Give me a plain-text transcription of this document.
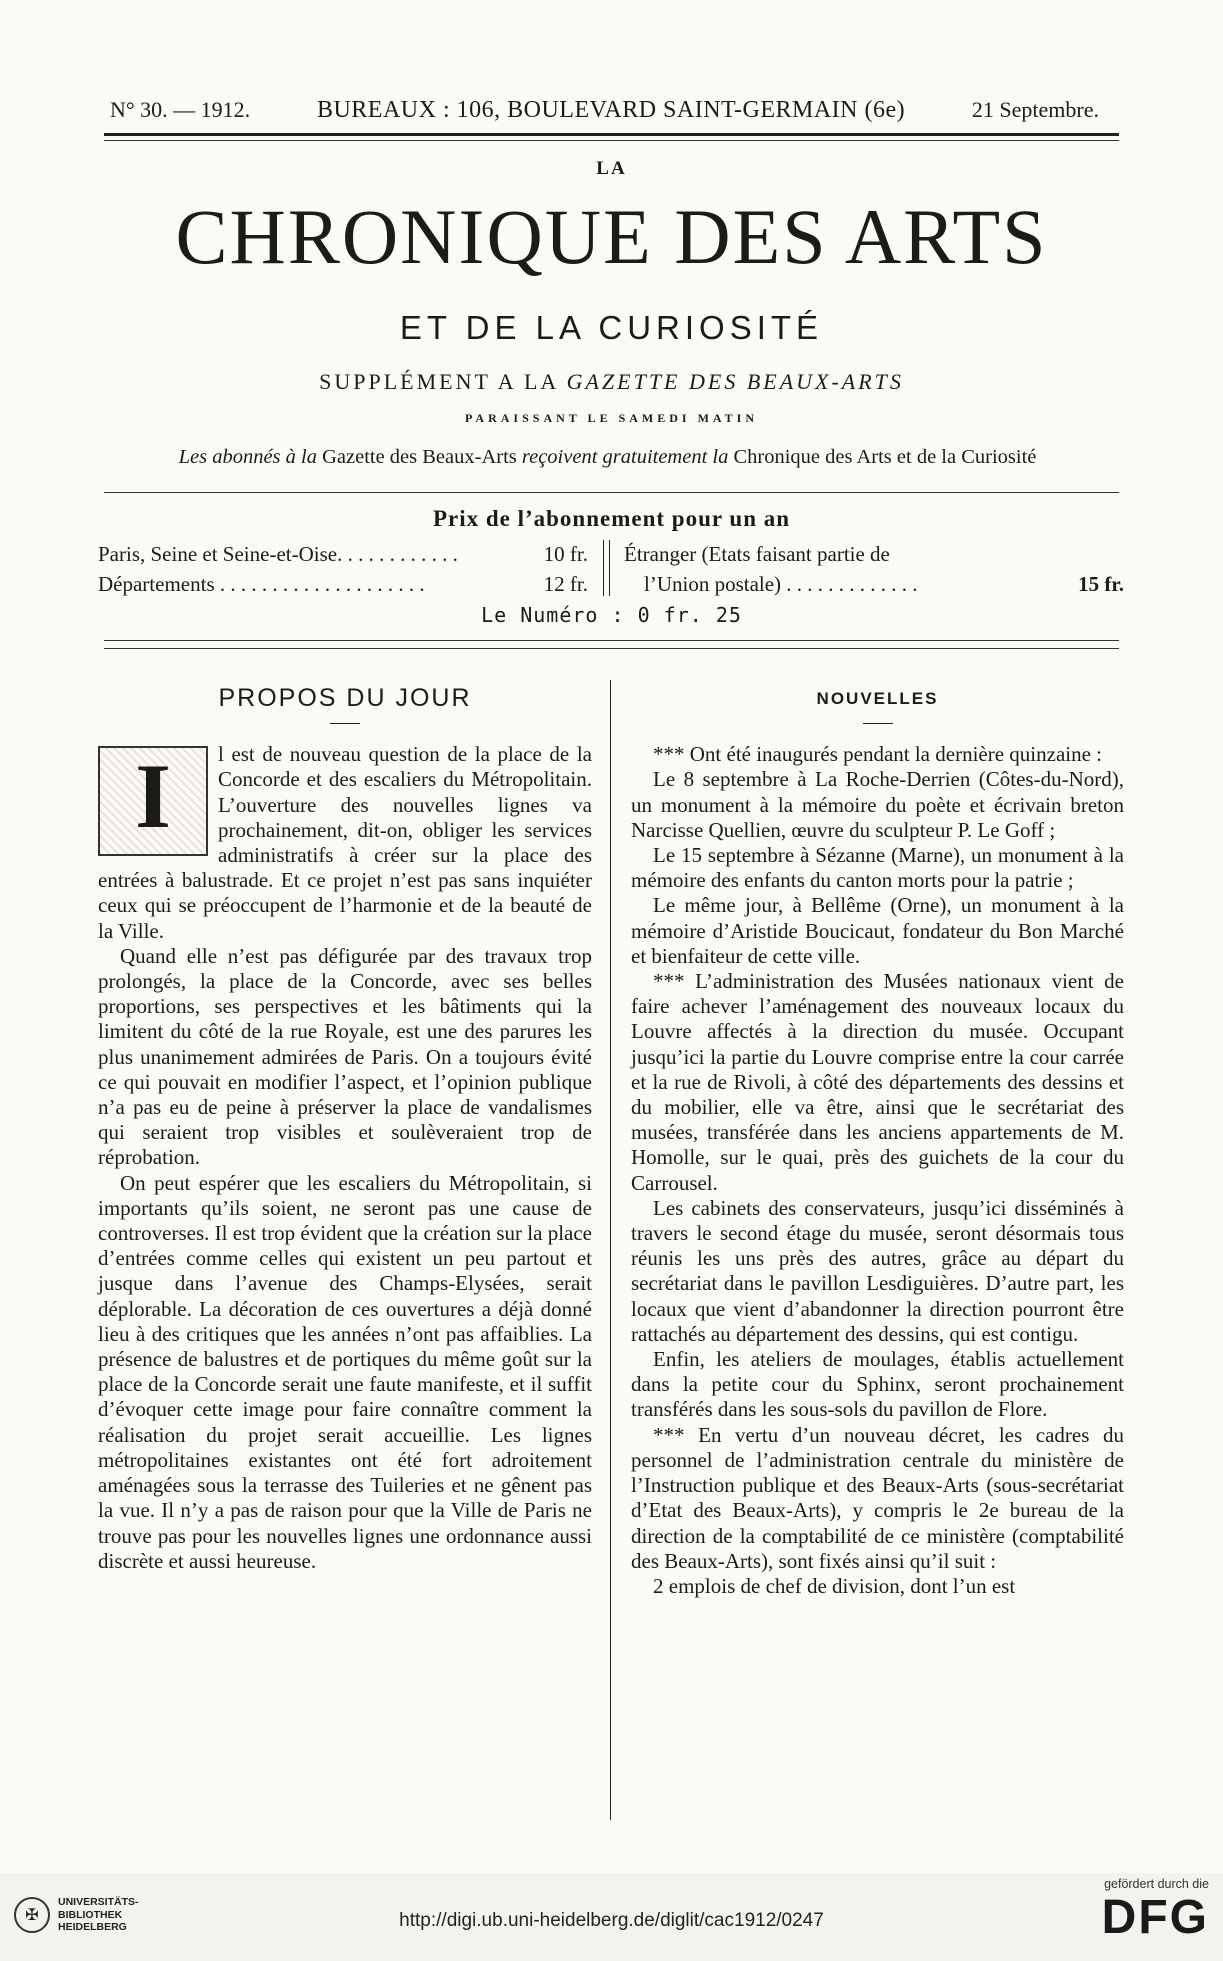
N° 30. — 1912.	BUREAUX : 106, BOULEVARD SAINT-GERMAIN (6e)	21 Septembre.
LA
CHRONIQUE DES ARTS
ET DE LA CURIOSITÉ
SUPPLÉMENT A LA GAZETTE DES BEAUX-ARTS
PARAISSANT LE SAMEDI MATIN
Les abonnés à la Gazette des Beaux-Arts reçoivent gratuitement la Chronique des Arts et de la Curiosité
Prix de l’abonnement pour un an
Paris, Seine et Seine-et-Oise. . . . . . . . . . . .	10 fr.
Départements . . . . . . . . . . . . . . . . . . . .	12 fr.
Étranger (Etats faisant partie de
l’Union postale) . . . . . . . . . . . . .	15 fr.
Le Numéro : 0 fr. 25
PROPOS DU JOUR
I	l est de nouveau question de la place de la Concorde et des escaliers du Métropolitain. L’ouverture des nouvelles lignes va prochainement, dit-on, obliger les services administratifs à créer sur la place des entrées à balustrade. Et ce projet n’est pas sans inquiéter ceux qui se préoccupent de l’harmonie et de la beauté de la Ville.

Quand elle n’est pas défigurée par des travaux trop prolongés, la place de la Concorde, avec ses belles proportions, ses perspectives et les bâtiments qui la limitent du côté de la rue Royale, est une des parures les plus unanimement admirées de Paris. On a toujours évité ce qui pouvait en modifier l’aspect, et l’opinion publique n’a pas eu de peine à préserver la place de vandalismes qui seraient trop visibles et soulèveraient trop de réprobation.

On peut espérer que les escaliers du Métropolitain, si importants qu’ils soient, ne seront pas une cause de controverses. Il est trop évident que la création sur la place d’entrées comme celles qui existent un peu partout et jusque dans l’avenue des Champs-Elysées, serait déplorable. La décoration de ces ouvertures a déjà donné lieu à des critiques que les années n’ont pas affaiblies. La présence de balustres et de portiques du même goût sur la place de la Concorde serait une faute manifeste, et il suffit d’évoquer cette image pour faire connaître comment la réalisation du projet serait accueillie. Les lignes métropolitaines existantes ont été fort adroitement aménagées sous la terrasse des Tuileries et ne gênent pas la vue. Il n’y a pas de raison pour que la Ville de Paris ne trouve pas pour les nouvelles lignes une ordonnance aussi discrète et aussi heureuse.

NOUVELLES

*** Ont été inaugurés pendant la dernière quinzaine :

Le 8 septembre à La Roche-Derrien (Côtes-du-Nord), un monument à la mémoire du poète et écrivain breton Narcisse Quellien, œuvre du sculpteur P. Le Goff ;

Le 15 septembre à Sézanne (Marne), un monument à la mémoire des enfants du canton morts pour la patrie ;

Le même jour, à Bellême (Orne), un monument à la mémoire d’Aristide Boucicaut, fondateur du Bon Marché et bienfaiteur de cette ville.

*** L’administration des Musées nationaux vient de faire achever l’aménagement des nouveaux locaux du Louvre affectés à la direction du musée. Occupant jusqu’ici la partie du Louvre comprise entre la cour carrée et la rue de Rivoli, à côté des départements des dessins et du mobilier, elle va être, ainsi que le secrétariat des musées, transférée dans les anciens appartements de M. Homolle, sur le quai, près des guichets de la cour du Carrousel.

Les cabinets des conservateurs, jusqu’ici disséminés à travers le second étage du musée, seront désormais tous réunis les uns près des autres, grâce au départ du secrétariat dans le pavillon Lesdiguières. D’autre part, les locaux que vient d’abandonner la direction pourront être rattachés au département des dessins, qui est contigu.

Enfin, les ateliers de moulages, établis actuellement dans la petite cour du Sphinx, seront prochainement transférés dans les sous-sols du pavillon de Flore.

*** En vertu d’un nouveau décret, les cadres du personnel de l’administration centrale du ministère de l’Instruction publique et des Beaux-Arts (sous-secrétariat d’Etat des Beaux-Arts), y compris le 2e bureau de la direction de la comptabilité de ce ministère (comptabilité des Beaux-Arts), sont fixés ainsi qu’il suit :

2 emplois de chef de division, dont l’un est

✠
UNIVERSITÄTS-
BIBLIOTHEK
HEIDELBERG	http://digi.ub.uni-heidelberg.de/diglit/cac1912/0247
gefördert durch die
DFG
